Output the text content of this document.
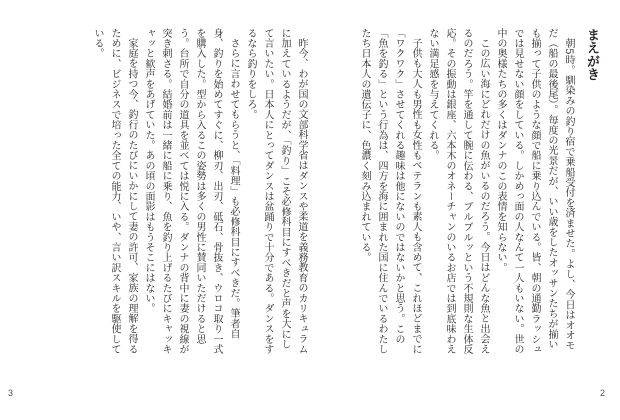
まえがき

朝5時。馴染みの釣り宿で乗船受付を済ませた。よし、今日はオオモだ（船の最後尾）。毎度の光景だが、いい歳をしたオッサンたちが揃いも揃って子供のような顔で船に乗り込んでいる。皆、朝の通勤ラッシュでは見せない顔をしている。しかめっ面の人なんて一人もいない。世の中の奥様たちの多くはダンナのこの表情を知らない。

この広い海にどれだけの魚がいるのだろう。今日はどんな魚と出会えるのだろう。竿を通して腕に伝わる、ブルブルッという不規則な生体反応。その振動は銀座、六本木のオネーチャンのいるお店では到底味わえない満足感を与えてくれる。

子供も大人も男性も女性もベテランも素人も含めて、これほどまでに「ワクワク」させてくれる趣味は他にないのではないかと思う。この「魚を釣る」という行為は、四方を海に囲まれた国に住んでいるわたしたち日本人の遺伝子に、色濃く刻み込まれている。

昨今、わが国の文部科学省はダンスや柔道を義務教育のカリキュラムに加えているようだが、「釣り」こそ必修科目にすべきだと声を大にして言いたい。日本人にとってダンスは盆踊りで十分である。ダンスをするなら釣りをしろ。

さらに言わせてもらうと、「料理」も必修科目にすべきだ。筆者自身、釣りを始めてすぐに、柳刃、出刃、砥石、骨抜き、ウロコ取り一式を購入した。型から入るこの姿勢は多くの男性に賛同いただけると思う。台所で自分の道具を並べては悦に入る。ダンナの背中に妻の視線が突き刺さる。結婚前は一緒に船に乗り、魚を釣り上げるたびにキャッキャッと歓声をあげていた。あの頃の面影はもうそこにはない。

家庭を持つ今、釣行のたびにいかにして妻の許可、家族の理解を得るために、ビジネスで培った全ての能力、いや、言い訳スキルを駆使している。

3	2
